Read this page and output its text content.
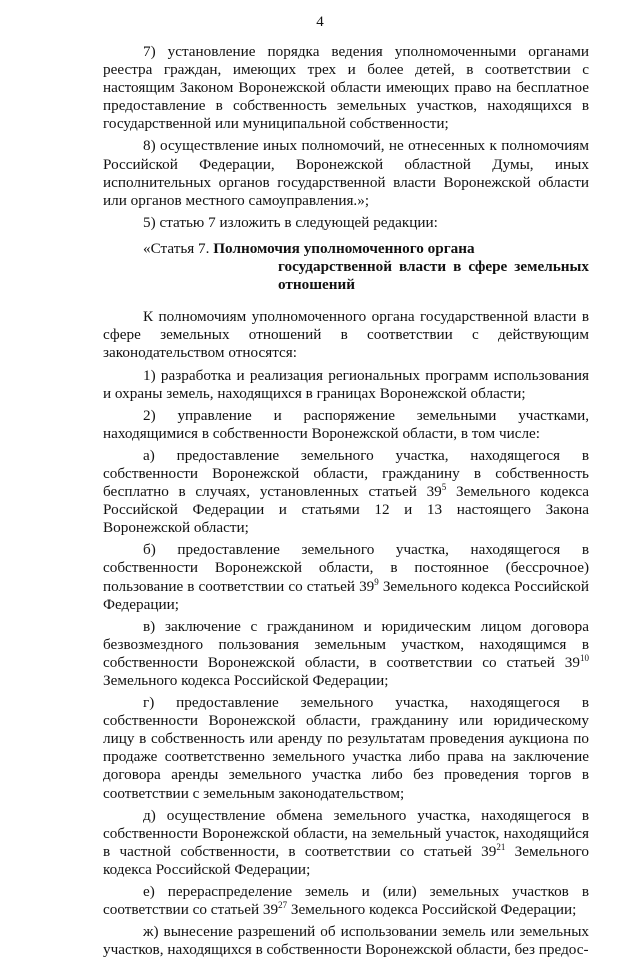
4

7) установление порядка ведения уполномоченными органами реестра граждан, имеющих трех и более детей, в соответствии с настоящим Законом Воронежской области имеющих право на бесплатное предоставление в собственность земельных участков, находящихся в государственной или муниципальной собственности;

8) осуществление иных полномочий, не отнесенных к полномочиям Российской Федерации, Воронежской областной Думы, иных исполнительных органов государственной власти Воронежской области или органов местного самоуправления.»;

5) статью 7 изложить в следующей редакции:

«Статья 7. Полномочия уполномоченного органа
государственной власти в сфере земельных отношений

К полномочиям уполномоченного органа государственной власти в сфере земельных отношений в соответствии с действующим законодательством относятся:

1) разработка и реализация региональных программ использования и охраны земель, находящихся в границах Воронежской области;

2) управление и распоряжение земельными участками, находящимися в собственности Воронежской области, в том числе:

а) предоставление земельного участка, находящегося в собственности Воронежской области, гражданину в собственность бесплатно в случаях, установленных статьей $39^5$ Земельного кодекса Российской Федерации и статьями 12 и 13 настоящего Закона Воронежской области;

б) предоставление земельного участка, находящегося в собственности Воронежской области, в постоянное (бессрочное) пользование в соответствии со статьей $39^9$ Земельного кодекса Российской Федерации;

в) заключение с гражданином и юридическим лицом договора безвозмездного пользования земельным участком, находящимся в собственности Воронежской области, в соответствии со статьей $39^{10}$ Земельного кодекса Российской Федерации;

г) предоставление земельного участка, находящегося в собственности Воронежской области, гражданину или юридическому лицу в собственность или аренду по результатам проведения аукциона по продаже соответственно земельного участка либо права на заключение договора аренды земельного участка либо без проведения торгов в соответствии с земельным законодательством;

д) осуществление обмена земельного участка, находящегося в собственности Воронежской области, на земельный участок, находящийся в частной собственности, в соответствии со статьей $39^{21}$ Земельного кодекса Российской Федерации;

е) перераспределение земель и (или) земельных участков в соответствии со статьей $39^{27}$ Земельного кодекса Российской Федерации;

ж) вынесение разрешений об использовании земель или земельных участков, находящихся в собственности Воронежской области, без предос-
